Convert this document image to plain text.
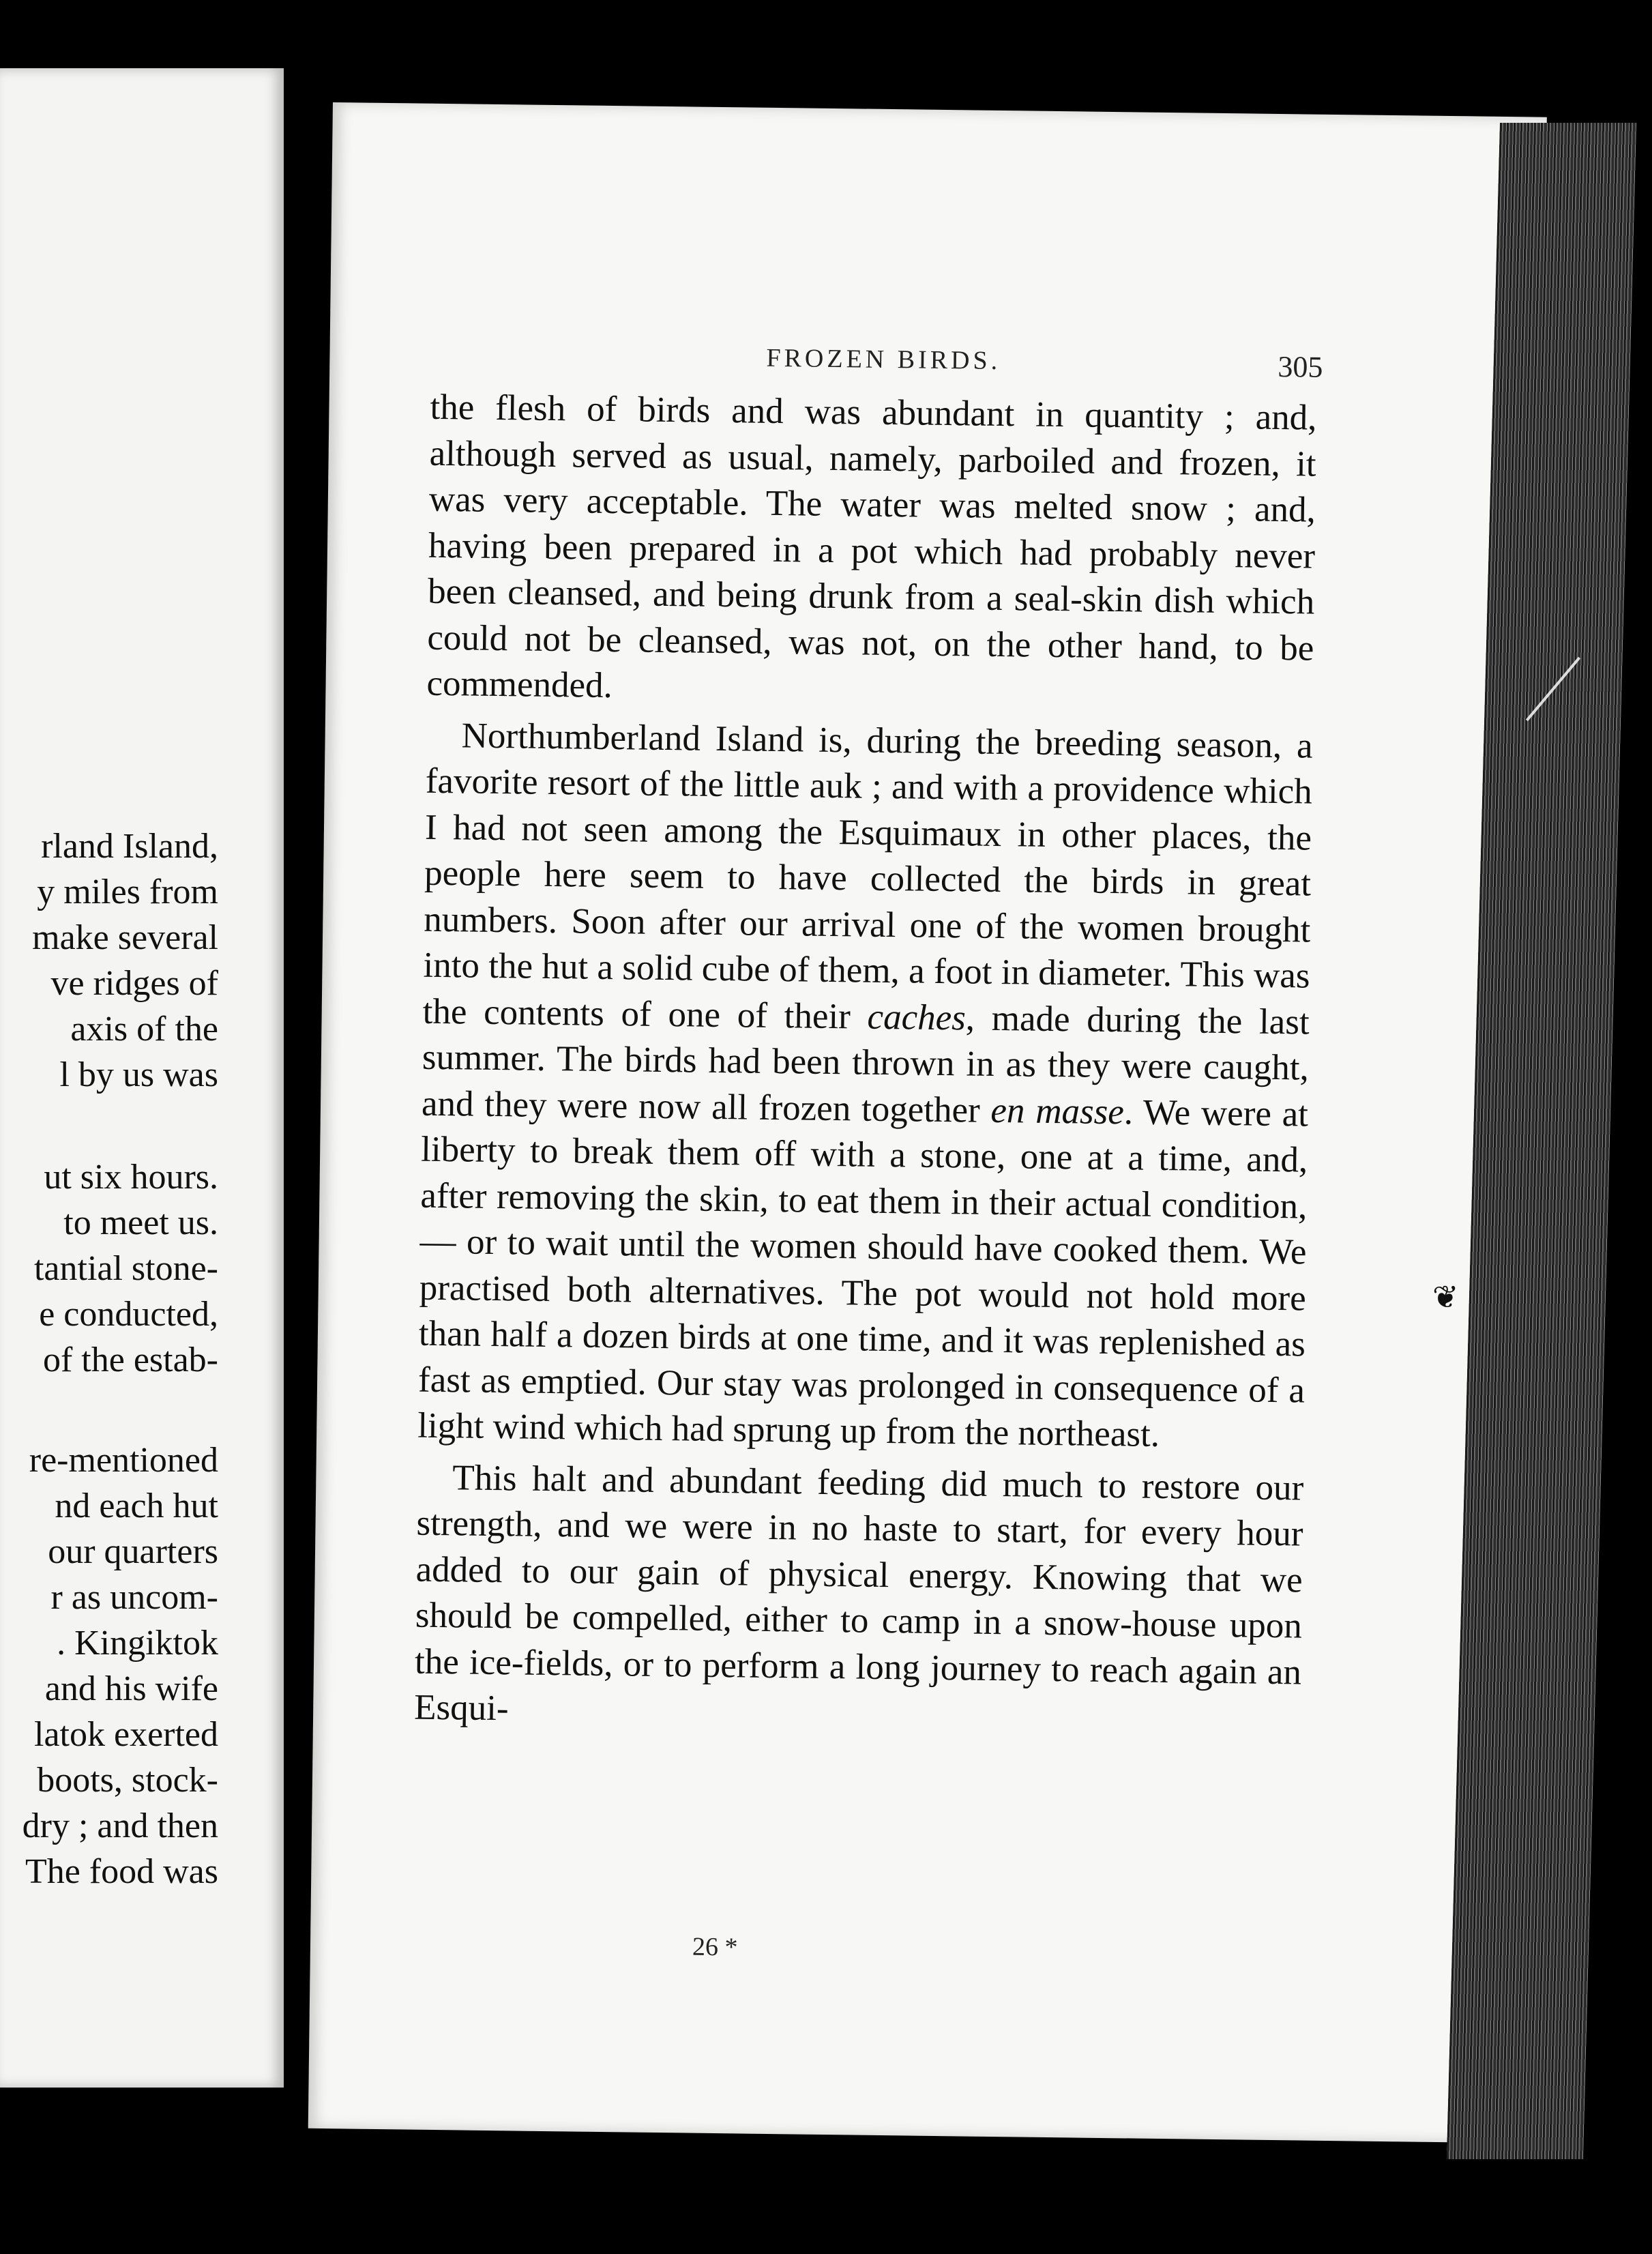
rland Island,
y miles from
make several
ve ridges of
axis of the
l by us was
ut six hours.
to meet us.
tantial stone-
e conducted,
of the estab-
re-mentioned
nd each hut
our quarters
r as uncom-
. Kingiktok
and his wife
latok exerted
boots, stock-
dry ; and then
The food was
FROZEN BIRDS.	305

the flesh of birds and was abundant in quantity ; and, although served as usual, namely, parboiled and frozen, it was very acceptable. The water was melted snow ; and, having been prepared in a pot which had probably never been cleansed, and being drunk from a seal-skin dish which could not be cleansed, was not, on the other hand, to be commended.

Northumberland Island is, during the breeding season, a favorite resort of the little auk ; and with a providence which I had not seen among the Esquimaux in other places, the people here seem to have collected the birds in great numbers. Soon after our arrival one of the women brought into the hut a solid cube of them, a foot in diameter. This was the contents of one of their caches, made during the last summer. The birds had been thrown in as they were caught, and they were now all frozen together en masse. We were at liberty to break them off with a stone, one at a time, and, after removing the skin, to eat them in their actual condition, — or to wait until the women should have cooked them. We practised both alternatives. The pot would not hold more than half a dozen birds at one time, and it was replenished as fast as emptied. Our stay was prolonged in consequence of a light wind which had sprung up from the northeast.

This halt and abundant feeding did much to restore our strength, and we were in no haste to start, for every hour added to our gain of physical energy. Knowing that we should be compelled, either to camp in a snow-house upon the ice-fields, or to perform a long journey to reach again an Esqui-

26 *
❦
